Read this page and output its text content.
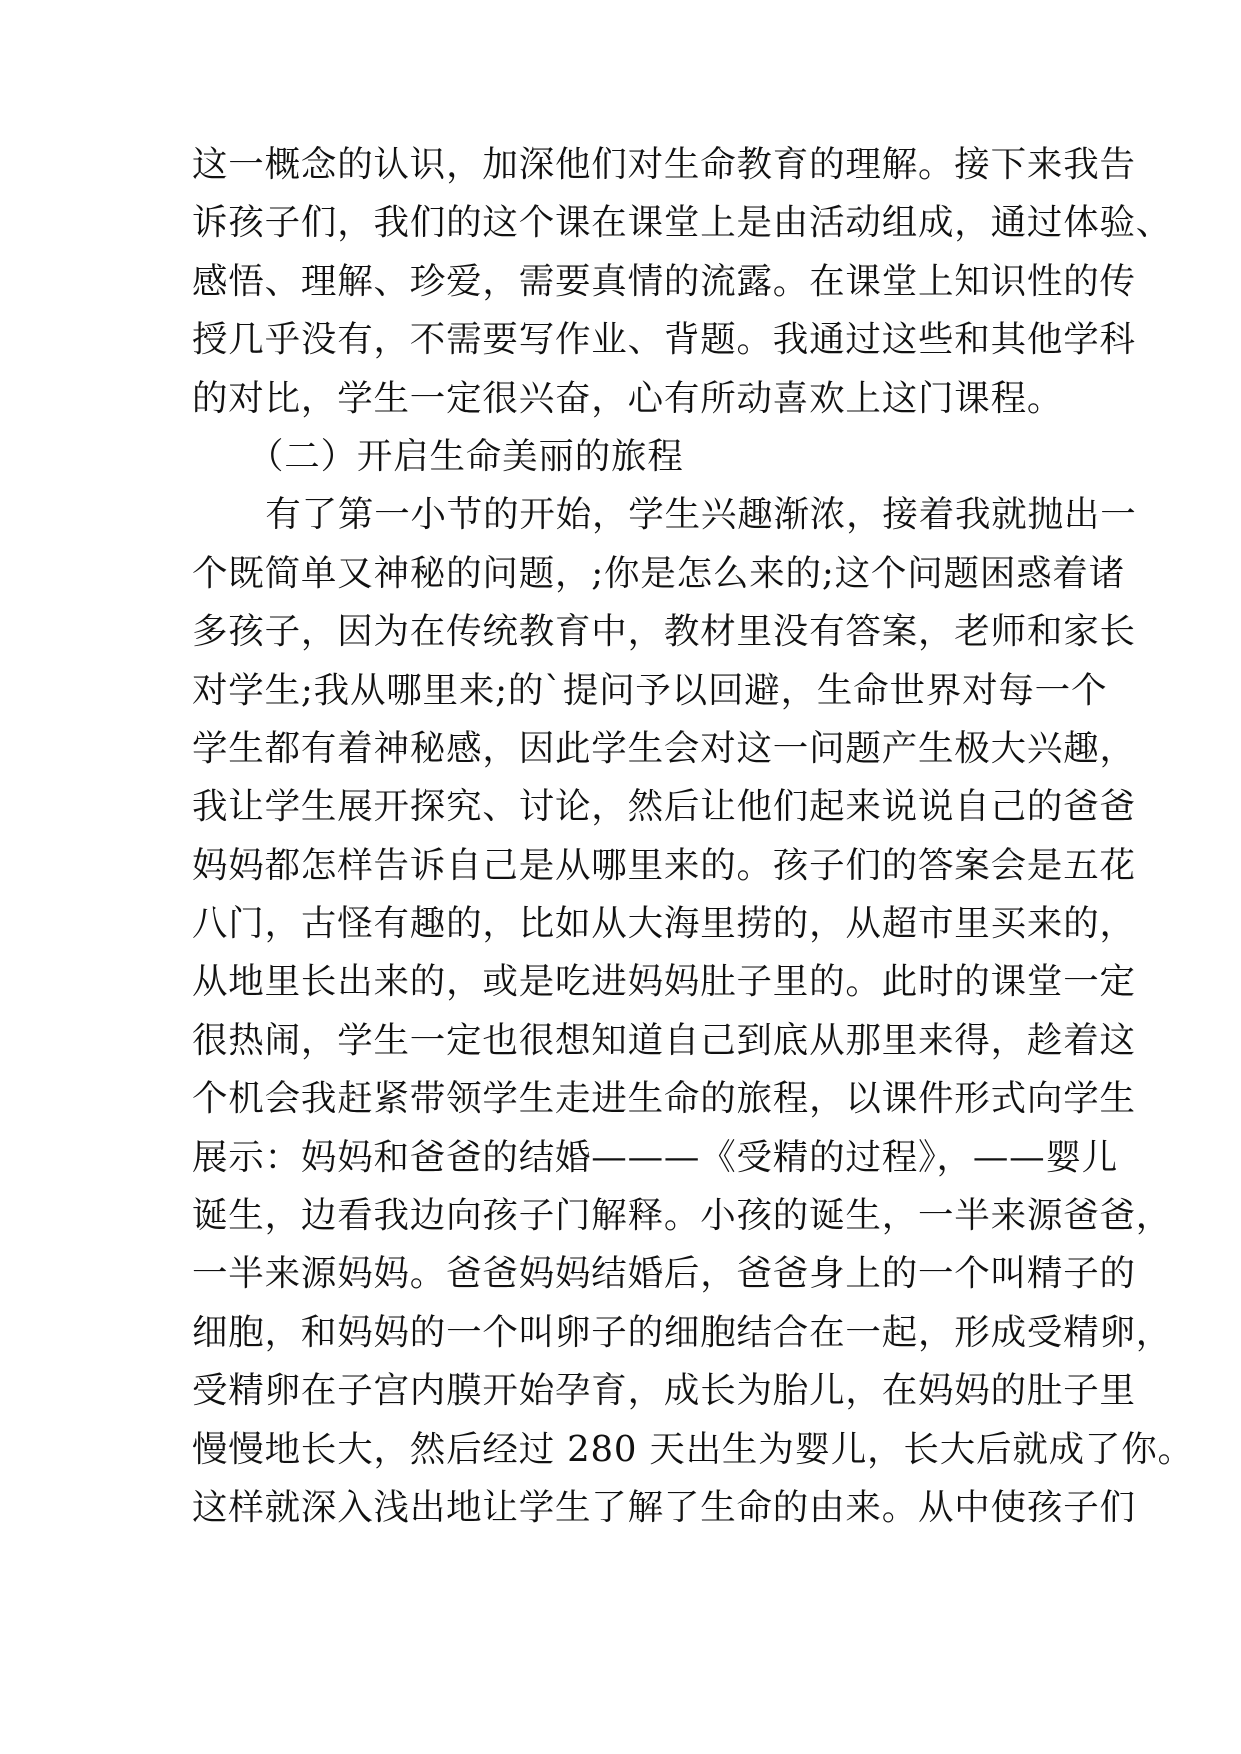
这一概念的认识，加深他们对生命教育的理解。接下来我告
诉孩子们，我们的这个课在课堂上是由活动组成，通过体验、
感悟、理解、珍爱，需要真情的流露。在课堂上知识性的传
授几乎没有，不需要写作业、背题。我通过这些和其他学科
的对比，学生一定很兴奋，心有所动喜欢上这门课程。

（二）开启生命美丽的旅程

　有了第一小节的开始，学生兴趣渐浓，接着我就抛出一
个既简单又神秘的问题，;你是怎么来的;这个问题困惑着诸
多孩子，因为在传统教育中，教材里没有答案，老师和家长
对学生;我从哪里来;的`提问予以回避，生命世界对每一个
学生都有着神秘感，因此学生会对这一问题产生极大兴趣，
我让学生展开探究、讨论，然后让他们起来说说自己的爸爸
妈妈都怎样告诉自己是从哪里来的。孩子们的答案会是五花
八门，古怪有趣的，比如从大海里捞的，从超市里买来的，
从地里长出来的，或是吃进妈妈肚子里的。此时的课堂一定
很热闹，学生一定也很想知道自己到底从那里来得，趁着这
个机会我赶紧带领学生走进生命的旅程，以课件形式向学生
展示：妈妈和爸爸的结婚———《受精的过程》，——婴儿
诞生，边看我边向孩子门解释。小孩的诞生，一半来源爸爸，
一半来源妈妈。爸爸妈妈结婚后，爸爸身上的一个叫精子的
细胞，和妈妈的一个叫卵子的细胞结合在一起，形成受精卵，
受精卵在子宫内膜开始孕育，成长为胎儿，在妈妈的肚子里
慢慢地长大，然后经过 280 天出生为婴儿，长大后就成了你。
这样就深入浅出地让学生了解了生命的由来。从中使孩子们
